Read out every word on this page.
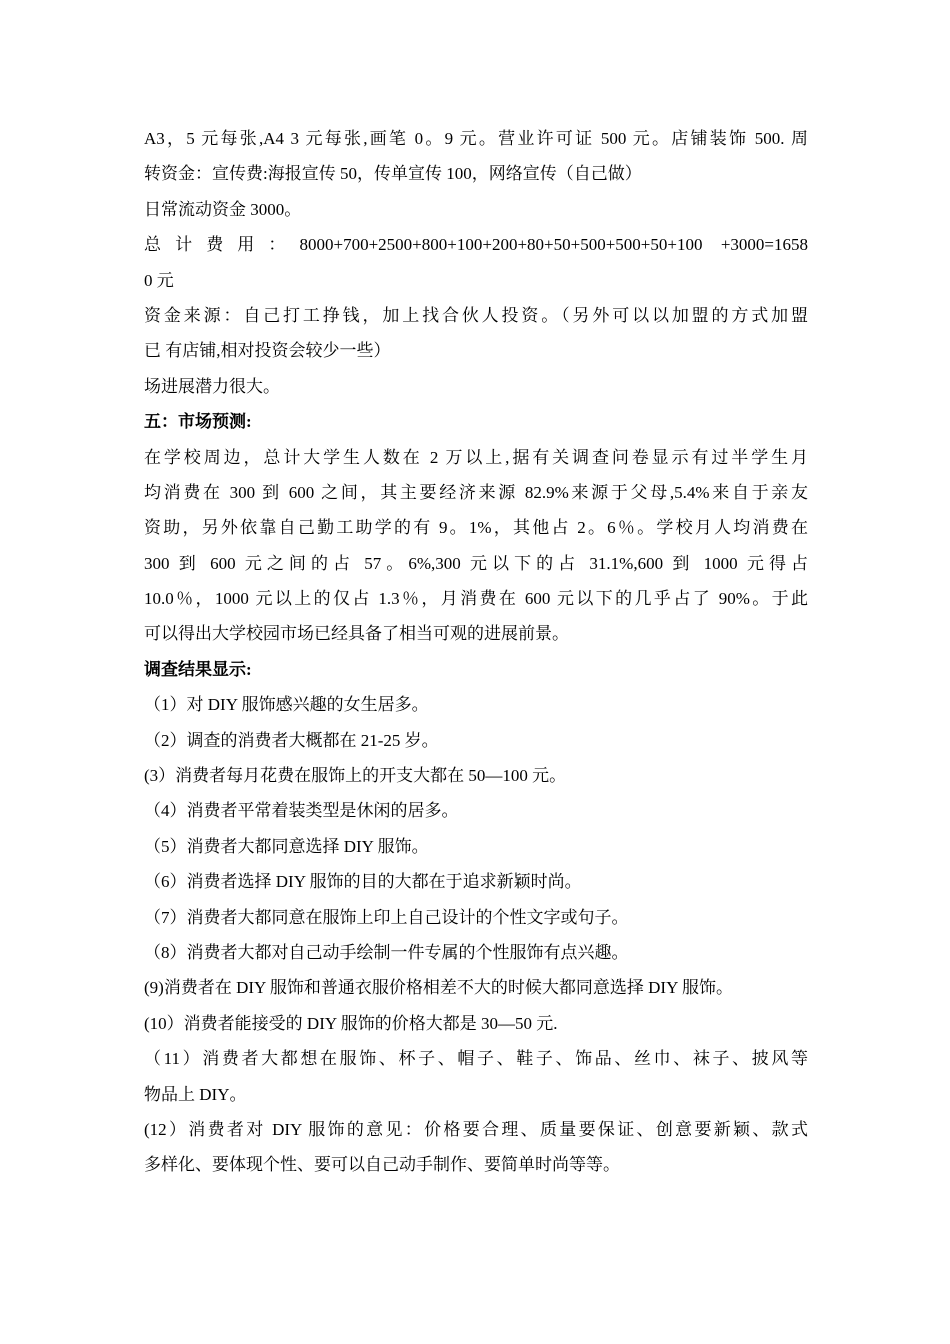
A3，5 元每张,A4 3 元每张,画笔 0。9 元。营业许可证 500 元。店铺装饰 500. 周
转资金：宣传费:海报宣传 50，传单宣传 100，网络宣传（自己做）
日常流动资金 3000。
总计费用：8000+700+2500+800+100+200+80+50+500+500+50+100 +3000=1658
0 元
资金来源：自己打工挣钱，加上找合伙人投资。（另外可以以加盟的方式加盟
已 有店铺,相对投资会较少一些）
场进展潜力很大。
五：市场预测:
在学校周边，总计大学生人数在 2 万以上,据有关调查问卷显示有过半学生月
均消费在 300 到 600 之间，其主要经济来源 82.9%来源于父母,5.4%来自于亲友
资助，另外依靠自己勤工助学的有 9。1%，其他占 2。6％。学校月人均消费在
300 到 600 元之间的占 57。6%,300 元以下的占 31.1%,600 到 1000 元得占
10.0％，1000 元以上的仅占 1.3％，月消费在 600 元以下的几乎占了 90%。于此
可以得出大学校园市场已经具备了相当可观的进展前景。
调查结果显示:
（1）对 DIY 服饰感兴趣的女生居多。
（2）调查的消费者大概都在 21-25 岁。
(3）消费者每月花费在服饰上的开支大都在 50—100 元。
（4）消费者平常着装类型是休闲的居多。
（5）消费者大都同意选择 DIY 服饰。
（6）消费者选择 DIY 服饰的目的大都在于追求新颖时尚。
（7）消费者大都同意在服饰上印上自己设计的个性文字或句子。
（8）消费者大都对自己动手绘制一件专属的个性服饰有点兴趣。
(9)消费者在 DIY 服饰和普通衣服价格相差不大的时候大都同意选择 DIY 服饰。
(10）消费者能接受的 DIY 服饰的价格大都是 30—50 元.
（11）消费者大都想在服饰、杯子、帽子、鞋子、饰品、丝巾、袜子、披风等
物品上 DIY。
(12）消费者对 DIY 服饰的意见：价格要合理、质量要保证、创意要新颖、款式
多样化、要体现个性、要可以自己动手制作、要简单时尚等等。
